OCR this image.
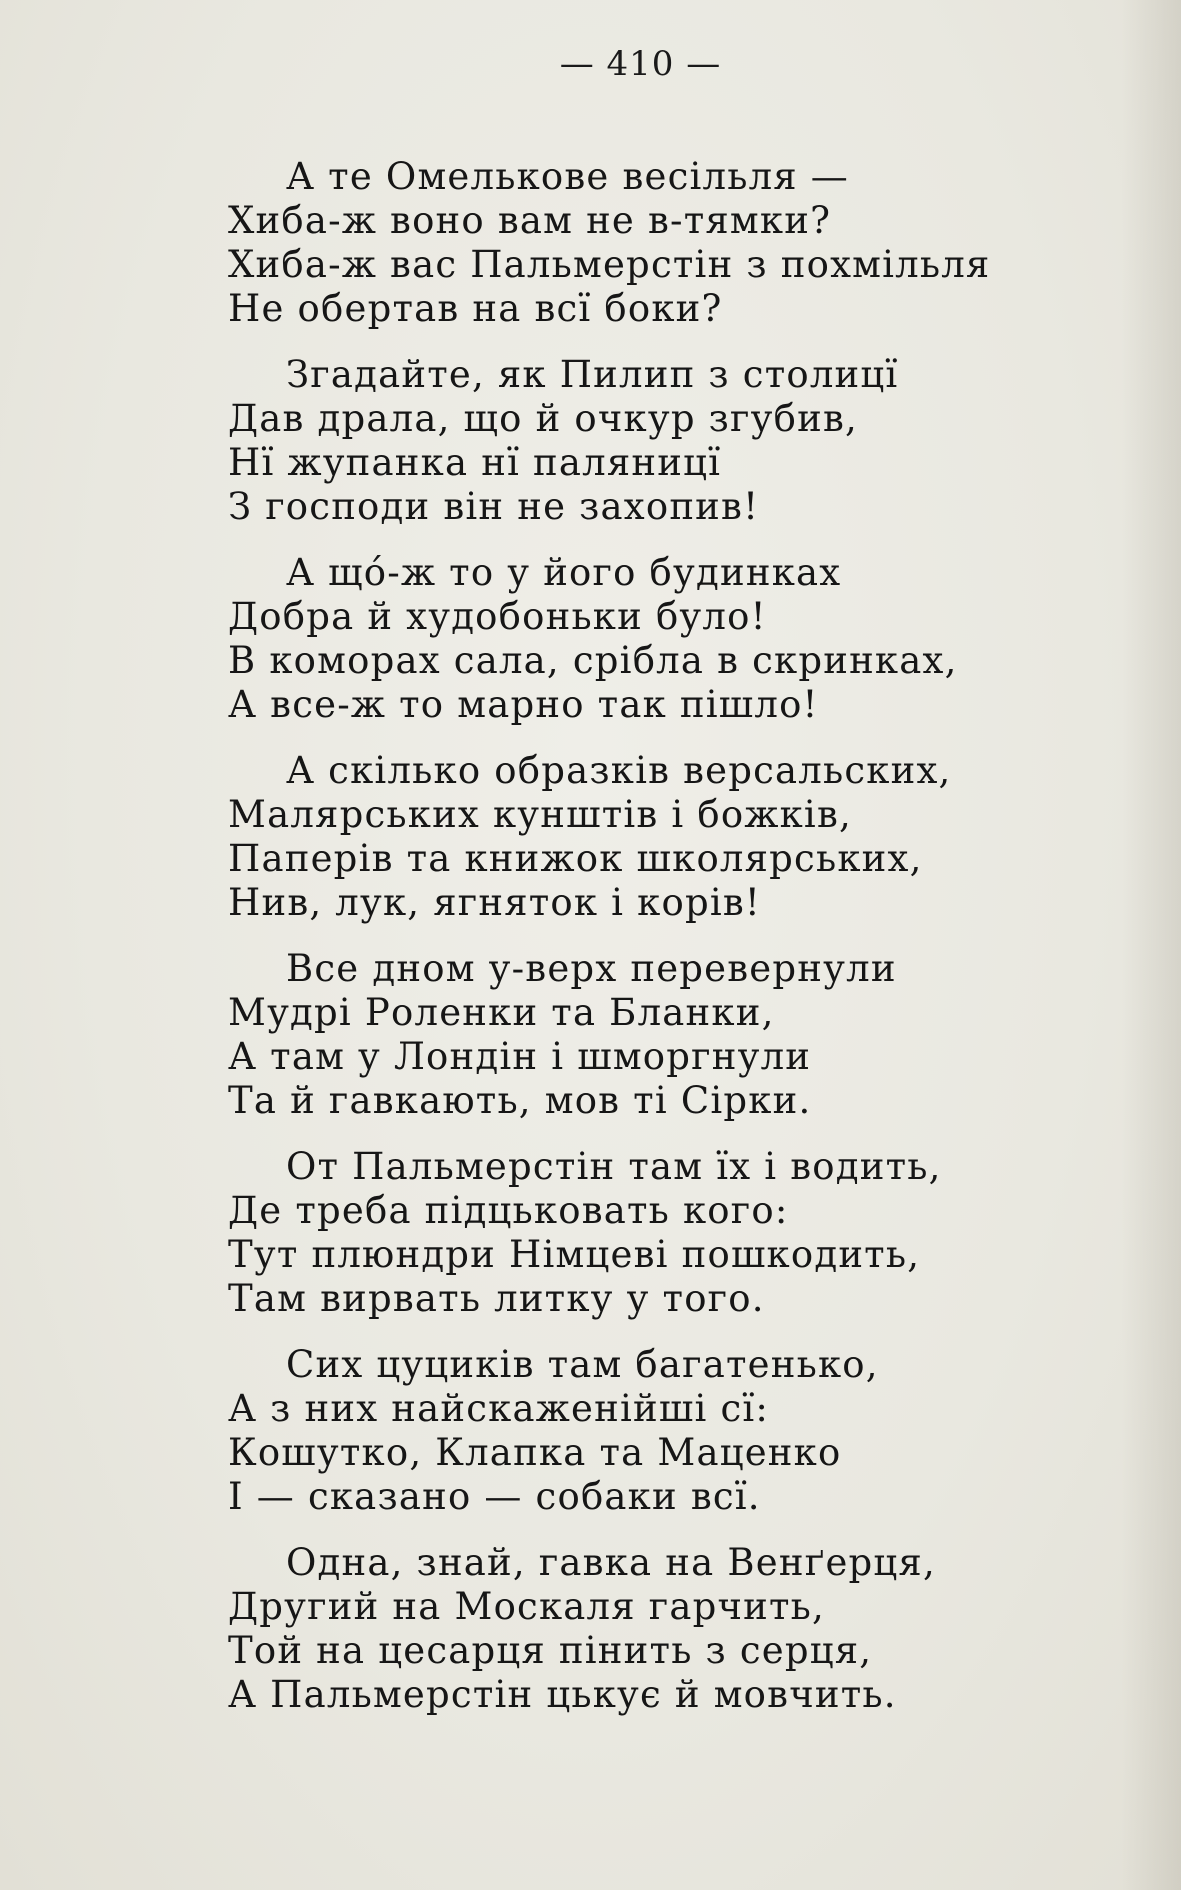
— 410 —
А те Омельковe весільля —
Хиба-ж воно вам не в-тямки?
Хиба-ж вас Пальмерстін з похмільля
Не обертав на всї боки?
Згадайте, як Пилип з столицї
Дав драла, що й очкур згубив,
Нї жупанка нї паляницї
З господи він не захопив!
А щó-ж то у його будинках
Добра й худобоньки було!
В коморах сала, срібла в скринках,
А все-ж то марно так пішло!
А скілько образків версальских,
Малярських кунштів і божків,
Паперів та книжок школярських,
Нив, лук, ягняток і корів!
Все дном у-верх перевернули
Мудрі Роленки та Бланки,
А там у Лондін і шморгнули
Та й гавкають, мов ті Сірки.
От Пальмерстін там їх і водить,
Де треба підцьковать кого:
Тут плюндри Німцеві пошкодить,
Там вирвать литку у того.
Сих цуциків там багатенько,
А з них найскаженійші сї:
Кошутко, Клапка та Маценко
І — сказано — собаки всї.
Одна, знай, гавка на Венґерця,
Другий на Москаля гарчить,
Той на цесарця пінить з серця,
А Пальмерстін цькує й мовчить.
